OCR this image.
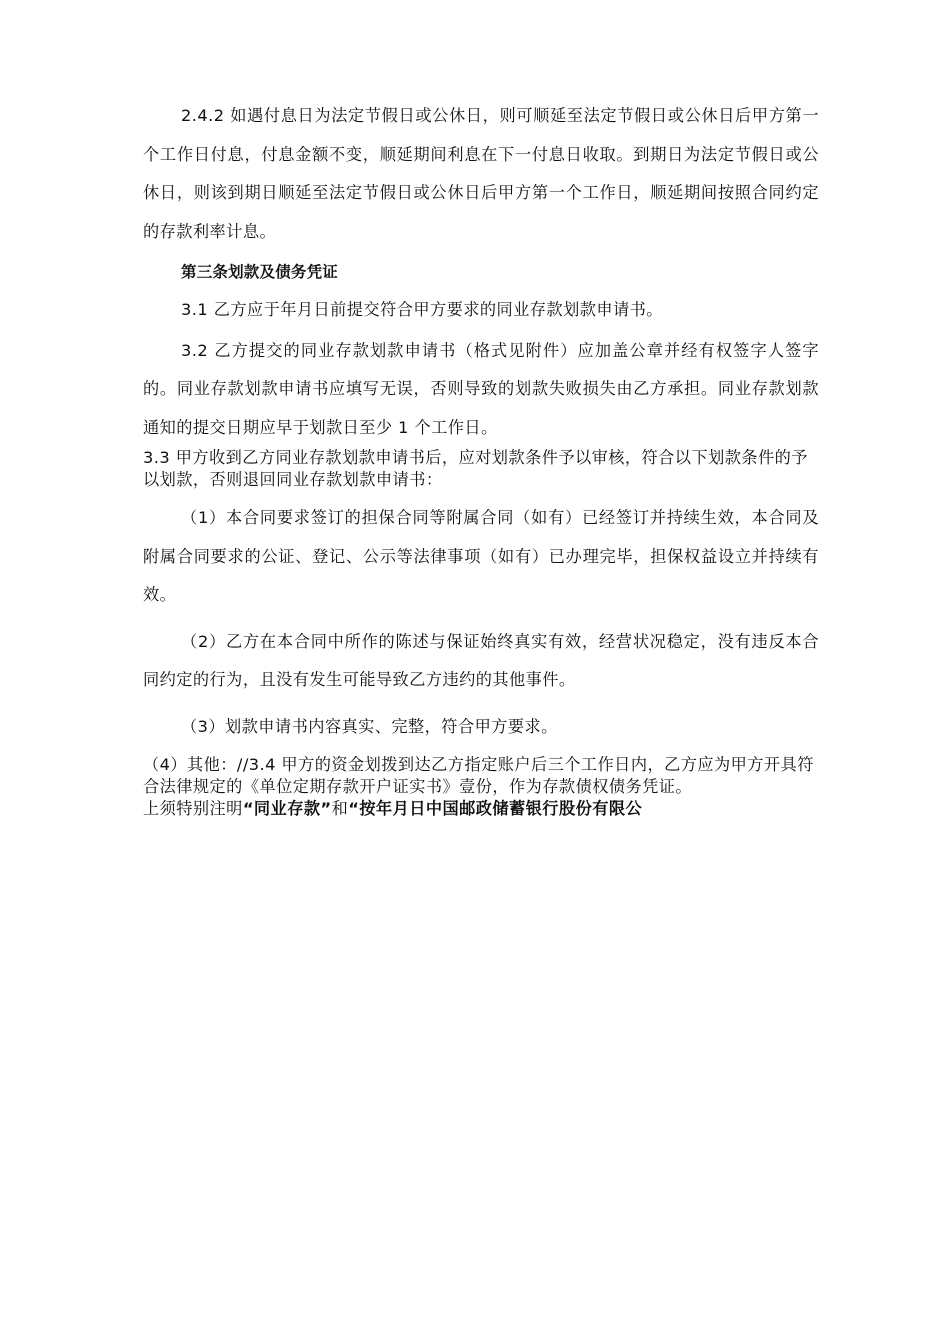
2.4.2 如遇付息日为法定节假日或公休日，则可顺延至法定节假日或公休日后甲方第一个工作日付息，付息金额不变，顺延期间利息在下一付息日收取。到期日为法定节假日或公休日，则该到期日顺延至法定节假日或公休日后甲方第一个工作日，顺延期间按照合同约定的存款利率计息。

第三条划款及债务凭证

3.1 乙方应于年月日前提交符合甲方要求的同业存款划款申请书。

3.2 乙方提交的同业存款划款申请书（格式见附件）应加盖公章并经有权签字人签字的。同业存款划款申请书应填写无误，否则导致的划款失败损失由乙方承担。同业存款划款通知的提交日期应早于划款日至少 1 个工作日。

3.3 甲方收到乙方同业存款划款申请书后，应对划款条件予以审核，符合以下划款条件的予以划款，否则退回同业存款划款申请书：

（1）本合同要求签订的担保合同等附属合同（如有）已经签订并持续生效，本合同及附属合同要求的公证、登记、公示等法律事项（如有）已办理完毕，担保权益设立并持续有效。

（2）乙方在本合同中所作的陈述与保证始终真实有效，经营状况稳定，没有违反本合同约定的行为，且没有发生可能导致乙方违约的其他事件。

（3）划款申请书内容真实、完整，符合甲方要求。

（4）其他：//3.4 甲方的资金划拨到达乙方指定账户后三个工作日内，乙方应为甲方开具符合法律规定的《单位定期存款开户证实书》壹份，作为存款债权债务凭证。

上须特别注明“同业存款”和“按年月日中国邮政储蓄银行股份有限公
